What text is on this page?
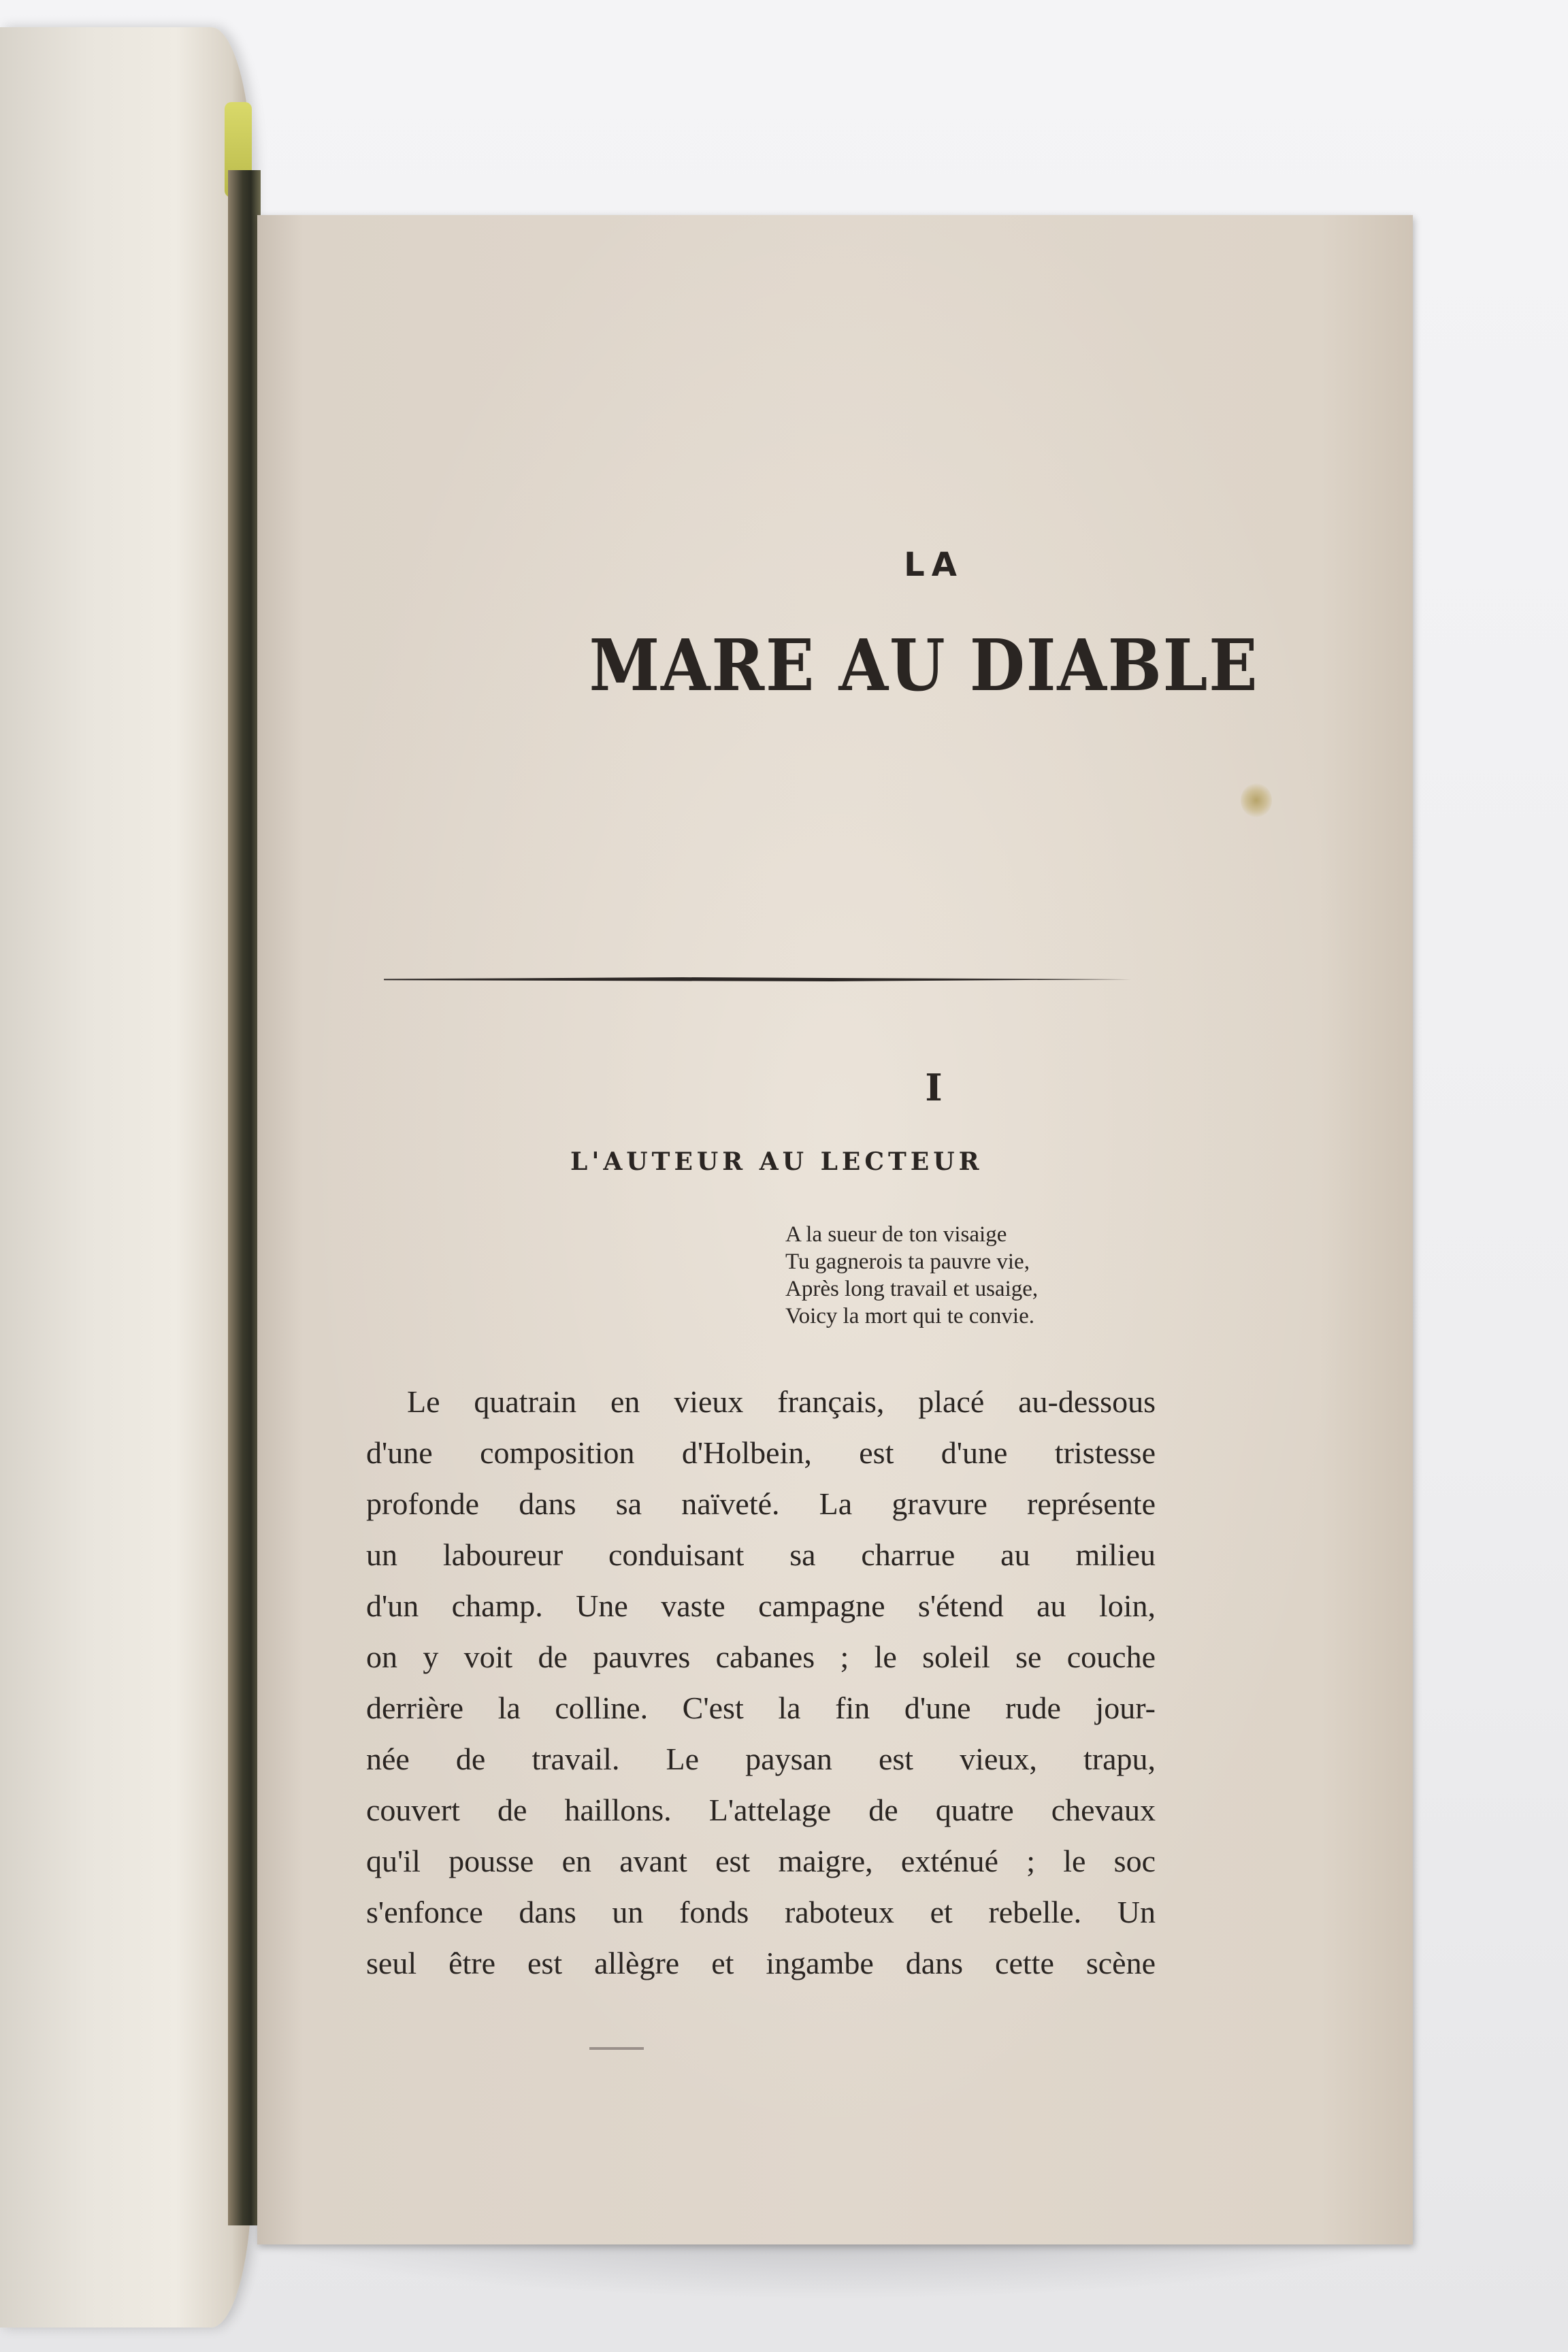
LA
MARE AU DIABLE
I
L'AUTEUR AU LECTEUR
A la sueur de ton visaige
Tu gagnerois ta pauvre vie,
Après long travail et usaige,
Voicy la mort qui te convie.
Le quatrain en vieux français, placé au-dessous
d'une composition d'Holbein, est d'une tristesse
profonde dans sa naïveté. La gravure représente
un laboureur conduisant sa charrue au milieu
d'un champ. Une vaste campagne s'étend au loin,
on y voit de pauvres cabanes ; le soleil se couche
derrière la colline. C'est la fin d'une rude jour-
née de travail. Le paysan est vieux, trapu,
couvert de haillons. L'attelage de quatre chevaux
qu'il pousse en avant est maigre, exténué ; le soc
s'enfonce dans un fonds raboteux et rebelle. Un
seul être est allègre et ingambe dans cette scène
